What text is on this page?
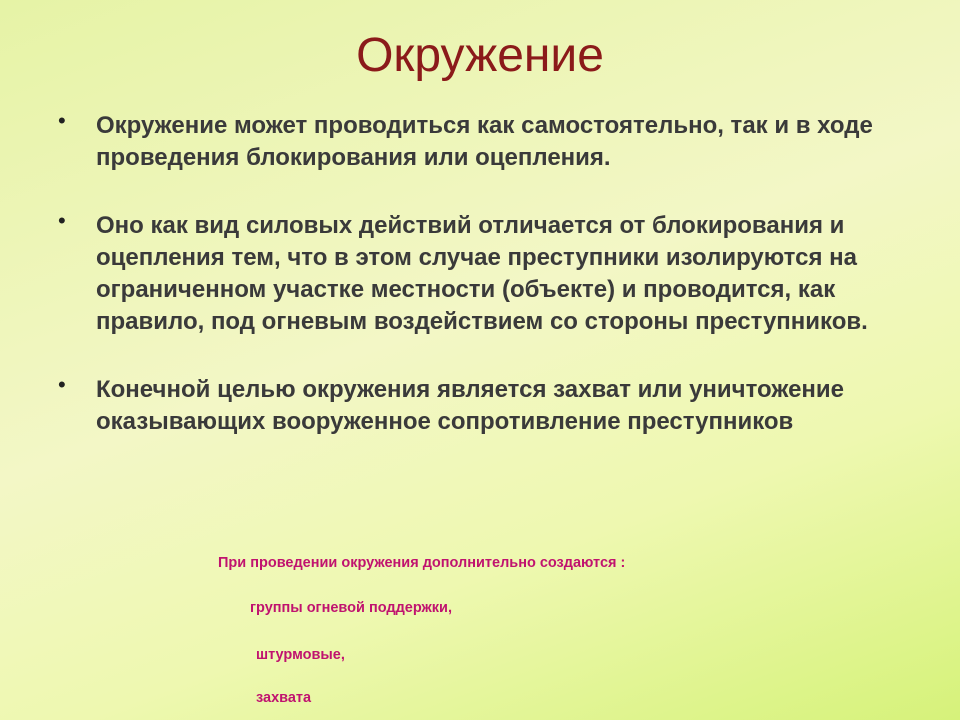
Окружение
• Окружение может проводиться как самостоятельно, так и в ходе проведения блокирования или оцепления.
• Оно как вид силовых действий отличается от блокирования и оцепления тем, что в этом случае преступники изолируются на ограниченном участке местности (объекте) и проводится, как правило, под огневым воздействием со стороны преступников.
• Конечной целью окружения является захват или уничтожение оказывающих вооруженное сопротивление преступников
При проведении окружения дополнительно создаются :
группы огневой поддержки,
штурмовые,
захвата
